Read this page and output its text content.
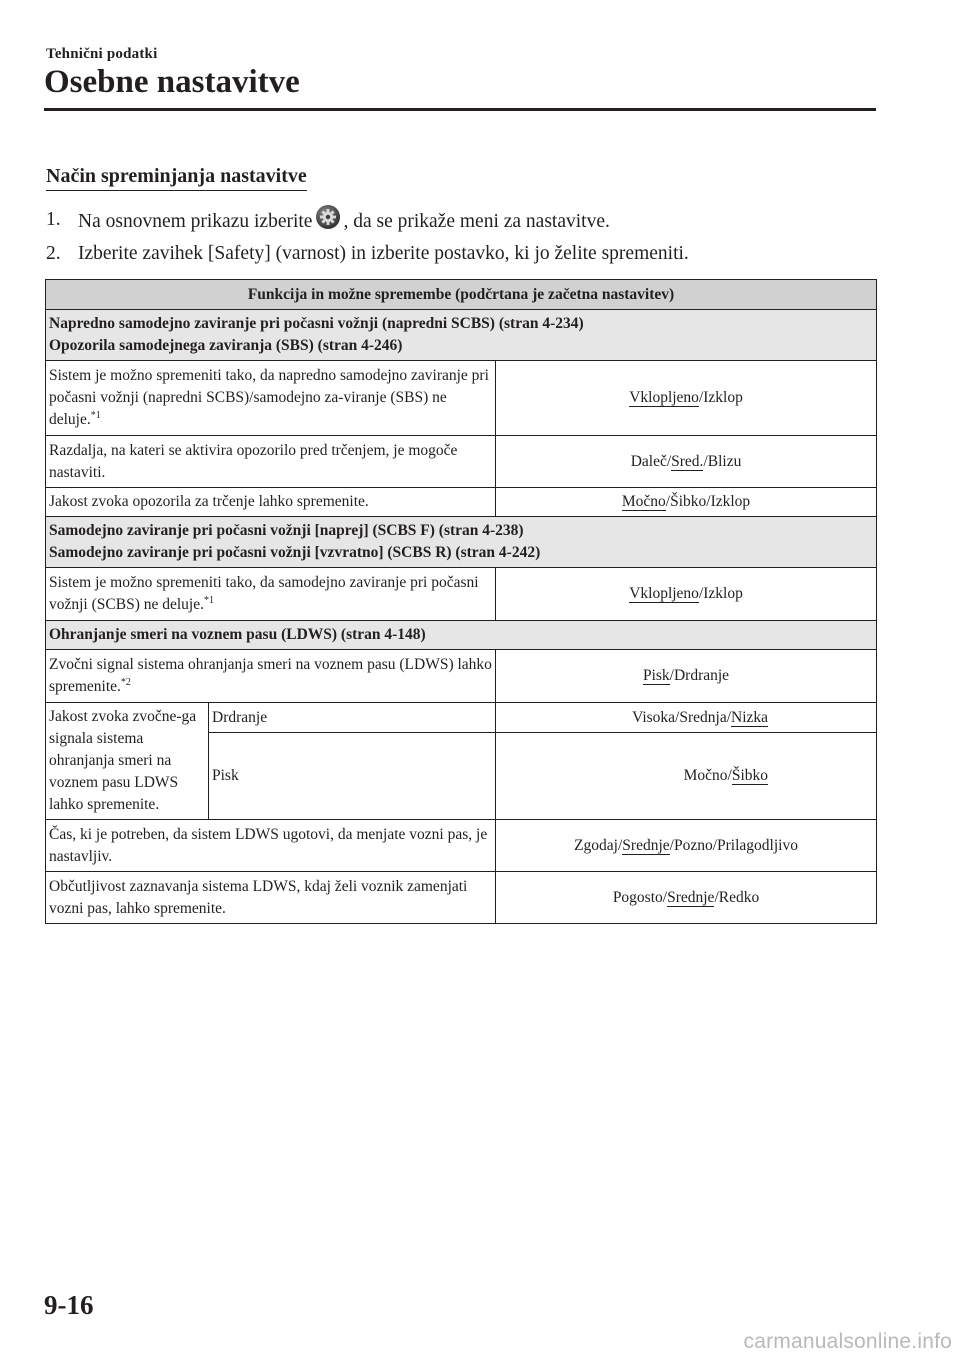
Tehnični podatki
Osebne nastavitve
Način spreminjanja nastavitve
1. Na osnovnem prikazu izberite , da se prikaže meni za nastavitve.
2. Izberite zavihek [Safety] (varnost) in izberite postavko, ki jo želite spremeniti.
Funkcija in možne spremembe (podčrtana je začetna nastavitev)		

Napredno samodejno zaviranje pri počasni vožnji (napredni SCBS) (stran 4-234)
Opozorila samodejnega zaviranja (SBS) (stran 4-246)		

Sistem je možno spremeniti tako, da napredno samodejno zaviranje pri počasni vožnji (napredni SCBS)/samodejno za-viranje (SBS) ne deluje.$^{*1}$		Vklopljeno/Izklop
Razdalja, na kateri se aktivira opozorilo pred trčenjem, je mogoče nastaviti.		Daleč/Sred./Blizu
Jakost zvoka opozorila za trčenje lahko spremenite.		Močno/Šibko/Izklop

Samodejno zaviranje pri počasni vožnji [naprej] (SCBS F) (stran 4-238)
Samodejno zaviranje pri počasni vožnji [vzvratno] (SCBS R) (stran 4-242)		

Sistem je možno spremeniti tako, da samodejno zaviranje pri počasni vožnji (SCBS) ne deluje.$^{*1}$		Vklopljeno/Izklop
Ohranjanje smeri na voznem pasu (LDWS) (stran 4-148)		
Zvočni signal sistema ohranjanja smeri na voznem pasu (LDWS) lahko spremenite.$^{*2}$		Pisk/Drdranje
Jakost zvoka zvočne-ga signala sistema ohranjanja smeri na voznem pasu LDWS lahko spremenite.	Drdranje	Visoka/Srednja/Nizka
	Pisk	Močno/Šibko
Čas, ki je potreben, da sistem LDWS ugotovi, da menjate vozni pas, je nastavljiv.		Zgodaj/Srednje/Pozno/Prilagodljivo
Občutljivost zaznavanja sistema LDWS, kdaj želi voznik zamenjati vozni pas, lahko spremenite.		Pogosto/Srednje/Redko
9-16
carmanualsonline.info
